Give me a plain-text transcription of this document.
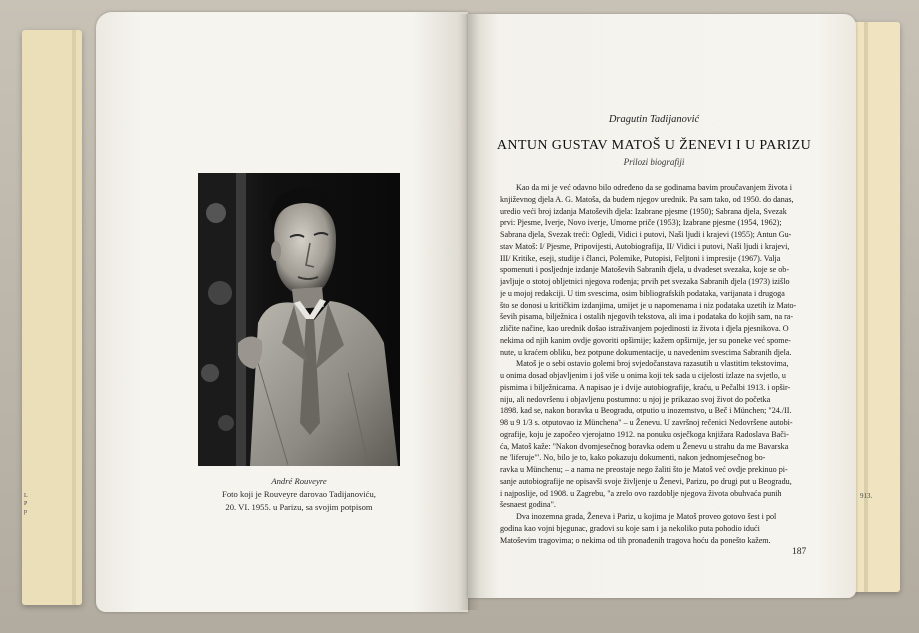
L
P
p
913.
André Rouveyre
Foto koji je Rouveyre darovao Tadijanoviću,
20. VI. 1955. u Parizu, sa svojim potpisom
Dragutin Tadijanović
ANTUN GUSTAV MATOŠ U ŽENEVI I U PARIZU
Prilozi biografiji
Kao da mi je već odavno bilo određeno da se godinama bavim proučavanjem života i
književnog djela A. G. Matoša, da budem njegov urednik. Pa sam tako, od 1950. do danas,
uredio veći broj izdanja Matoševih djela: Izabrane pjesme (1950); Sabrana djela, Svezak
prvi: Pjesme, Iverje, Novo iverje, Umorne priče (1953); Izabrane pjesme (1954, 1962);
Sabrana djela, Svezak treći: Ogledi, Vidici i putovi, Naši ljudi i krajevi (1955); Antun Gu-
stav Matoš: I/ Pjesme, Pripovijesti, Autobiografija, II/ Vidici i putovi, Naši ljudi i krajevi,
III/ Kritike, eseji, studije i članci, Polemike, Putopisi, Feljtoni i impresije (1967). Valja
spomenuti i posljednje izdanje Matoševih Sabranih djela, u dvadeset svezaka, koje se ob-
javljuje o stotoj obljetnici njegova rođenja; prvih pet svezaka Sabranih djela (1973) izišlo
je u mojoj redakciji. U tim svescima, osim bibliografskih podataka, varijanata i drugoga
što se donosi u kritičkim izdanjima, umijet je u napomenama i niz podataka uzetih iz Mato-
ševih pisama, bilježnica i ostalih njegovih tekstova, ali ima i podataka do kojih sam, na ra-
zličite načine, kao urednik došao istraživanjem pojedinosti iz života i djela pjesnikova. O
nekima od njih kanim ovdje govoriti opširnije; kažem opširnije, jer su poneke već spome-
nute, u kraćem obliku, bez potpune dokumentacije, u navedenim svescima Sabranih djela.
Matoš je o sebi ostavio golemi broj svjedočanstava razasutih u vlastitim tekstovima,
u onima dosad objavljenim i još više u onima koji tek sada u cijelosti izlaze na svjetlo, u
pismima i bilježnicama. A napisao je i dvije autobiografije, kraću, u Pečalbi 1913. i opšir-
niju, ali nedovršenu i objavljenu postumno: u njoj je prikazao svoj život do početka
1898. kad se, nakon boravka u Beogradu, otputio u inozemstvo, u Beč i München; "24./II.
98 u 9 1/3 s. otputovao iz Münchena" – u Ženevu. U završnoj rečenici Nedovršene autobi-
ografije, koju je započeo vjerojatno 1912. na ponuku osječkoga knjižara Radoslava Bači-
ća, Matoš kaže: "Nakon dvomjesečnog boravka odem u Ženevu u strahu da me Bavarska
ne 'liferuje'". No, bilo je to, kako pokazuju dokumenti, nakon jednomjesečnog bo-
ravka u Münchenu; – a nama ne preostaje nego žaliti što je Matoš već ovdje prekinuo pi-
sanje autobiografije ne opisavši svoje življenje u Ženevi, Parizu, po drugi put u Beogradu,
i najposlije, od 1908. u Zagrebu, "a zrelo ovo razdoblje njegova života obuhvaća punih
šesnaest godina".
Dva inozemna grada, Ženeva i Pariz, u kojima je Matoš proveo gotovo šest i pol
godina kao vojni bjegunac, gradovi su koje sam i ja nekoliko puta pohodio idući
Matoševim tragovima; o nekima od tih pronađenih tragova hoću da ponešto kažem.
187
